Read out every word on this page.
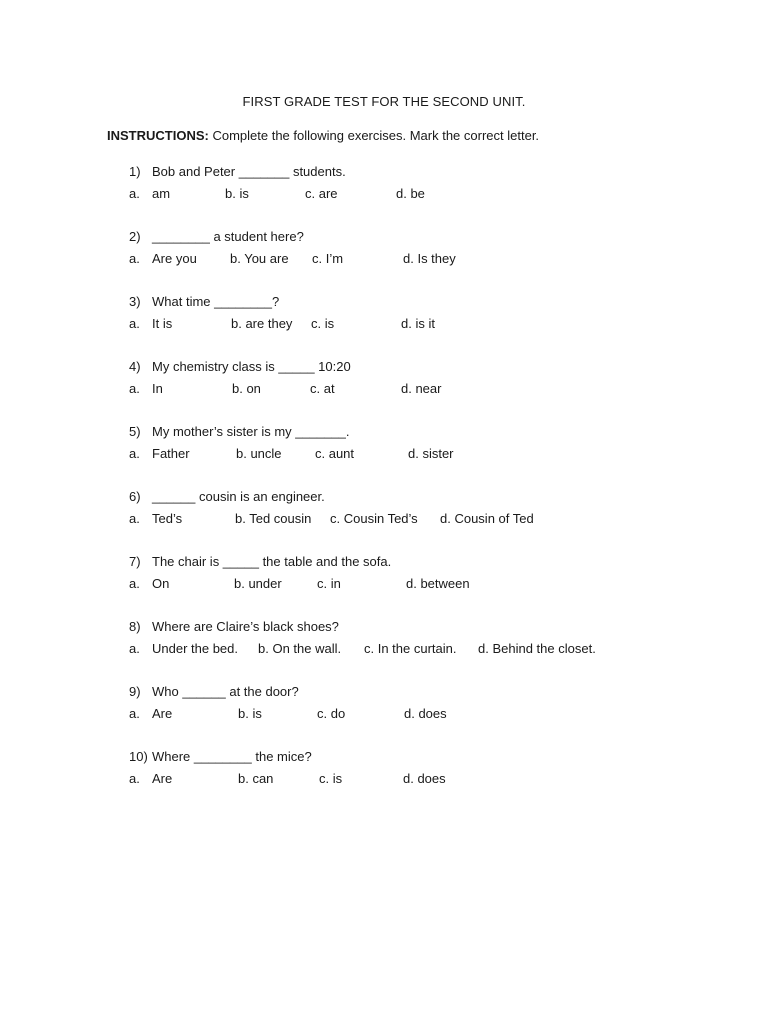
FIRST GRADE TEST FOR THE SECOND UNIT.
INSTRUCTIONS: Complete the following exercises. Mark the correct letter.
1) Bob and Peter _______ students.
a. am	b. is	c. are	d. be
2) ________ a student here?
a. Are you	b. You are c. I’m	d. Is they
3) What time ________?
a. It is	b. are they c. is	d. is it
4) My chemistry class is _____ 10:20
a. In	b. on	c. at	d. near
5) My mother’s sister is my _______.
a. Father	b. uncle	c. aunt	d. sister
6) ______ cousin is an engineer.
a. Ted’s	b. Ted cousin c. Cousin Ted’s d. Cousin of Ted
7) The chair is _____ the table and the sofa.
a. On	b. under	c. in	d. between
8) Where are Claire’s black shoes?
a. Under the bed. b. On the wall. c. In the curtain. d. Behind the closet.
9) Who ______ at the door?
a. Are	b. is	c. do	d. does
10) Where ________ the mice?
a. Are	b. can	c. is	d. does
